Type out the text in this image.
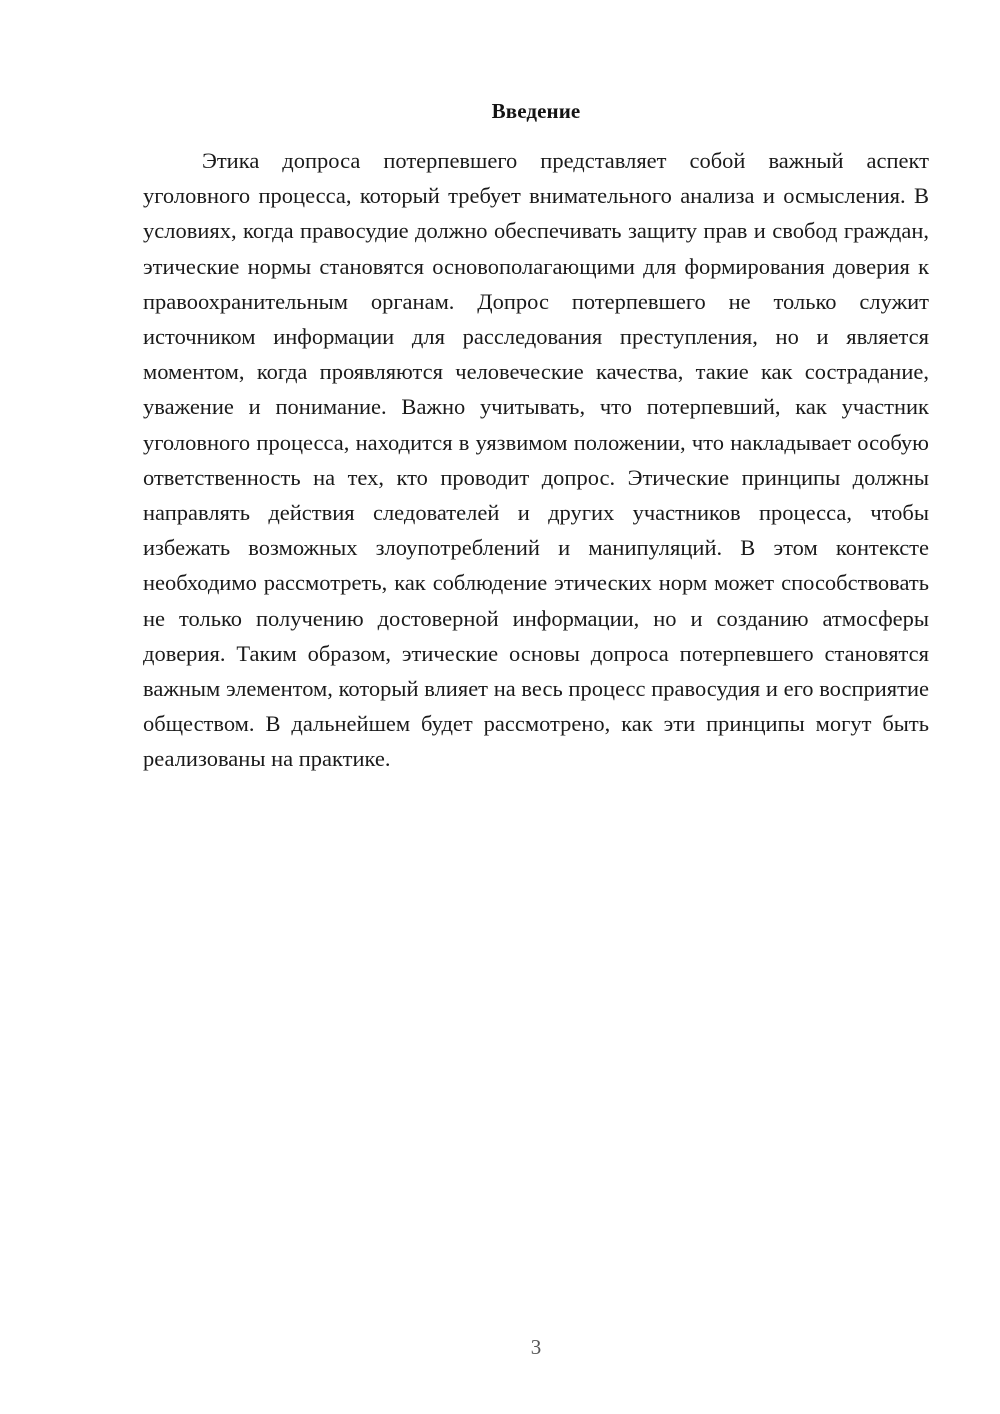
Введение

Этика допроса потерпевшего представляет собой важный аспект уголовного процесса, который требует внимательного анализа и осмысления. В условиях, когда правосудие должно обеспечивать защиту прав и свобод граждан, этические нормы становятся основополагающими для формирования доверия к правоохранительным органам. Допрос потерпевшего не только служит источником информации для расследования преступления, но и является моментом, когда проявляются человеческие качества, такие как сострадание, уважение и понимание. Важно учитывать, что потерпевший, как участник уголовного процесса, находится в уязвимом положении, что накладывает особую ответственность на тех, кто проводит допрос. Этические принципы должны направлять действия следователей и других участников процесса, чтобы избежать возможных злоупотреблений и манипуляций. В этом контексте необходимо рассмотреть, как соблюдение этических норм может способствовать не только получению достоверной информации, но и созданию атмосферы доверия. Таким образом, этические основы допроса потерпевшего становятся важным элементом, который влияет на весь процесс правосудия и его восприятие обществом. В дальнейшем будет рассмотрено, как эти принципы могут быть реализованы на практике.

3
